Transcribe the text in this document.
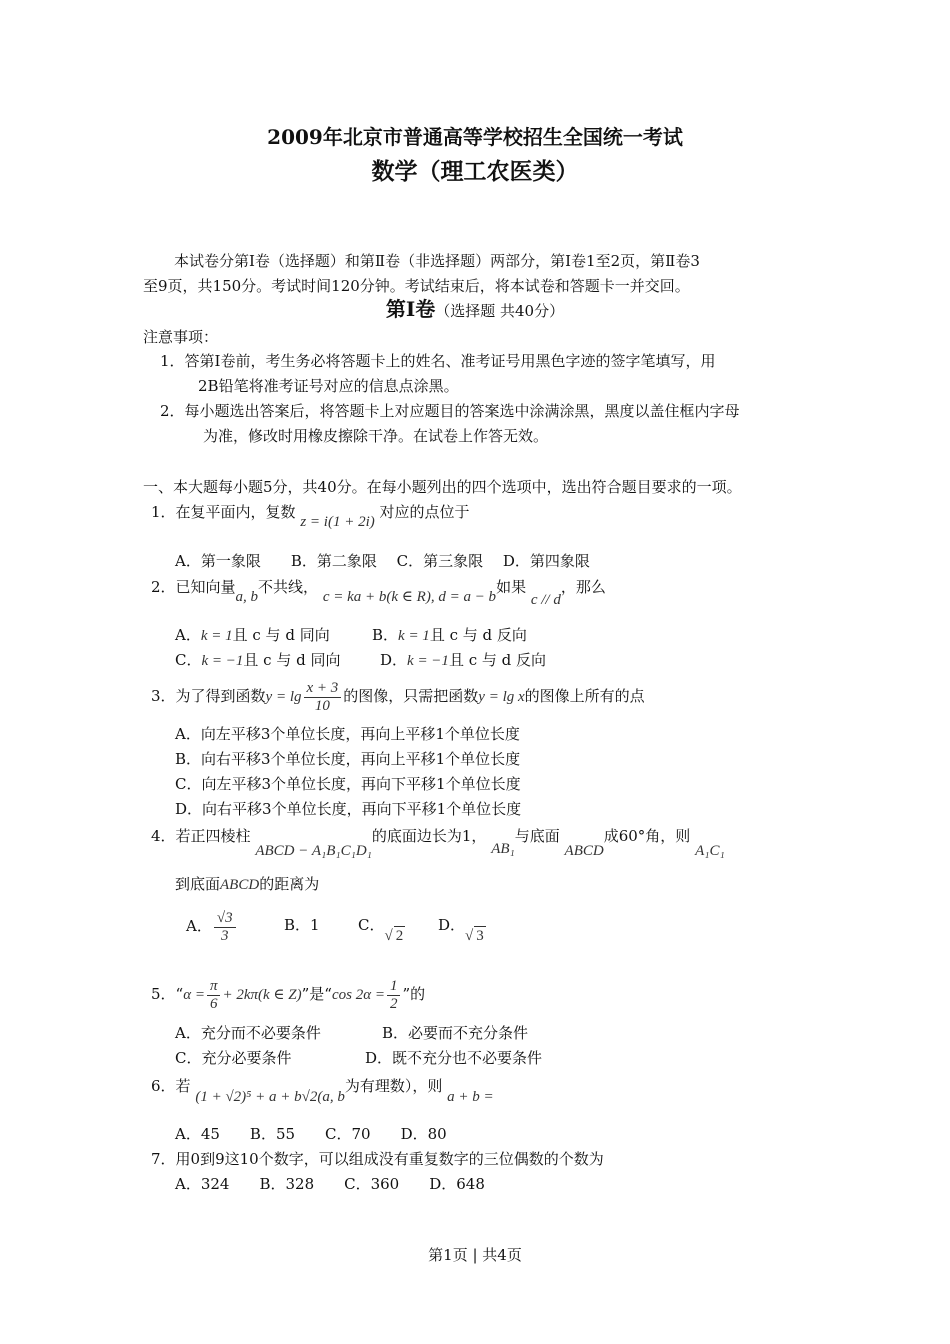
2009年北京市普通高等学校招生全国统一考试
数学（理工农医类）
本试卷分第Ⅰ卷（选择题）和第Ⅱ卷（非选择题）两部分，第Ⅰ卷1至2页，第Ⅱ卷3
至9页，共150分。考试时间120分钟。考试结束后，将本试卷和答题卡一并交回。
第Ⅰ卷（选择题 共40分）
注意事项：
1．答第Ⅰ卷前，考生务必将答题卡上的姓名、准考证号用黑色字迹的签字笔填写，用
2B铅笔将准考证号对应的信息点涂黑。
2．每小题选出答案后，将答题卡上对应题目的答案选中涂满涂黑，黑度以盖住框内字母
为准，修改时用橡皮擦除干净。在试卷上作答无效。
一、本大题每小题5分，共40分。在每小题列出的四个选项中，选出符合题目要求的一项。
1．在复平面内，复数 z = i(1 + 2i) 对应的点位于
A．第一象限　　B．第二象限　 C．第三象限　 D．第四象限
2．已知向量a, b不共线， c = ka + b(k ∈ R), d = a − b如果 c // d，那么
A．k = 1且 c 与 d 同向	B．k = 1且 c 与 d 反向
C．k = −1且 c 与 d 同向	D．k = −1且 c 与 d 反向
3．为了得到函数$y = \lg \frac{x + 3}{10}$ 的图像，只需把函数y = lg x的图像上所有的点
A．向左平移3个单位长度，再向上平移1个单位长度
B．向右平移3个单位长度，再向上平移1个单位长度
C．向左平移3个单位长度，再向下平移1个单位长度
D．向右平移3个单位长度，再向下平移1个单位长度
4．若正四棱柱 ABCD − A₁B₁C₁D₁的底面边长为1， AB₁与底面 ABCD成60°角，则 A₁C₁
到底面ABCD的距离为
A． $\frac{√3}{3}$	B．1	C．√ 2
D．√ 3
5．“$\alpha = \frac{\pi}{6} + 2k\pi(k$ ∈ Z)”是“cos $2\alpha = \frac{1}{2}$ ”的
A．充分而不必要条件	B．必要而不充分条件
C．充分必要条件	D．既不充分也不必要条件
6．若 (1 + √2)⁵ + a + b√2(a, b为有理数），则 a + b =
A．45　　B．55　　C．70　　D．80
7．用0到9这10个数字，可以组成没有重复数字的三位偶数的个数为
A．324　　B．328　　C．360　　D．648
第1页 | 共4页
